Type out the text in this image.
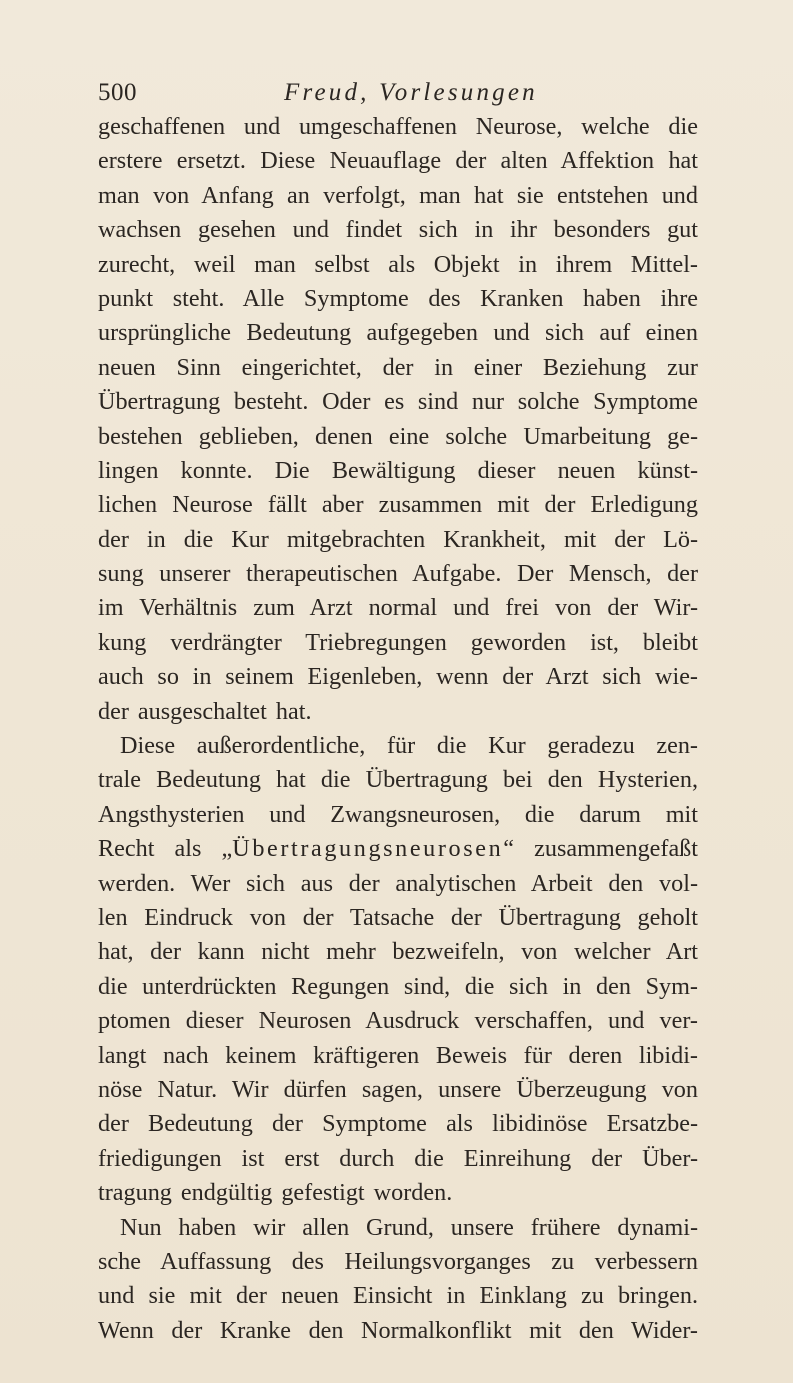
500	Freud, Vorlesungen
geschaffenen und umgeschaffenen Neurose, welche die
erstere ersetzt. Diese Neuauflage der alten Affektion hat
man von Anfang an verfolgt, man hat sie entstehen und
wachsen gesehen und findet sich in ihr besonders gut
zurecht, weil man selbst als Objekt in ihrem Mittel-
punkt steht. Alle Symptome des Kranken haben ihre
ursprüngliche Bedeutung aufgegeben und sich auf einen
neuen Sinn eingerichtet, der in einer Beziehung zur
Übertragung besteht. Oder es sind nur solche Symptome
bestehen geblieben, denen eine solche Umarbeitung ge-
lingen konnte. Die Bewältigung dieser neuen künst-
lichen Neurose fällt aber zusammen mit der Erledigung
der in die Kur mitgebrachten Krankheit, mit der Lö-
sung unserer therapeutischen Aufgabe. Der Mensch, der
im Verhältnis zum Arzt normal und frei von der Wir-
kung verdrängter Triebregungen geworden ist, bleibt
auch so in seinem Eigenleben, wenn der Arzt sich wie-
der ausgeschaltet hat.
Diese außerordentliche, für die Kur geradezu zen-
trale Bedeutung hat die Übertragung bei den Hysterien,
Angsthysterien und Zwangsneurosen, die darum mit
Recht als „Übertragungsneurosen“ zusammengefaßt
werden. Wer sich aus der analytischen Arbeit den vol-
len Eindruck von der Tatsache der Übertragung geholt
hat, der kann nicht mehr bezweifeln, von welcher Art
die unterdrückten Regungen sind, die sich in den Sym-
ptomen dieser Neurosen Ausdruck verschaffen, und ver-
langt nach keinem kräftigeren Beweis für deren libidi-
nöse Natur. Wir dürfen sagen, unsere Überzeugung von
der Bedeutung der Symptome als libidinöse Ersatzbe-
friedigungen ist erst durch die Einreihung der Über-
tragung endgültig gefestigt worden.
Nun haben wir allen Grund, unsere frühere dynami-
sche Auffassung des Heilungsvorganges zu verbessern
und sie mit der neuen Einsicht in Einklang zu bringen.
Wenn der Kranke den Normalkonflikt mit den Wider-
